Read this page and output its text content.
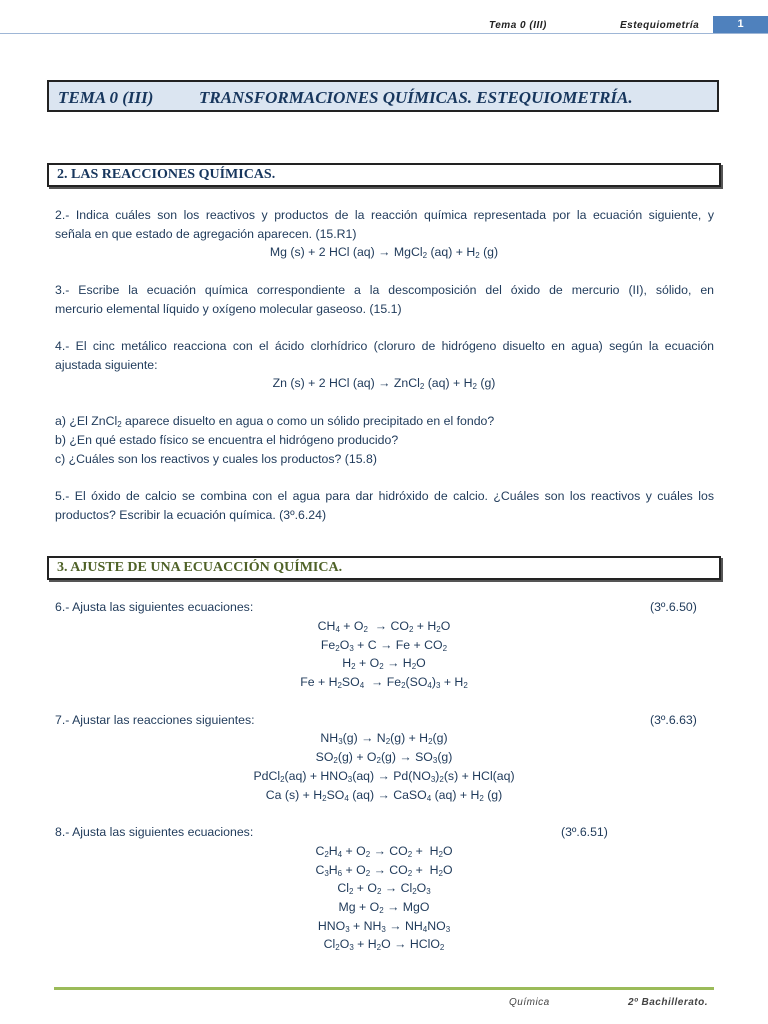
Tema 0 (III)	Estequiometría	1
TEMA 0 (III)	TRANSFORMACIONES QUÍMICAS. ESTEQUIOMETRÍA.
2. LAS REACCIONES QUÍMICAS.
2.- Indica cuáles son los reactivos y productos de la reacción química representada por la ecuación siguiente, y
señala en que estado de agregación aparecen. (15.R1)
Mg (s) + 2 HCl (aq) → MgCl$_2$ $(aq) + H_2$ (g)
3.- Escribe la ecuación química correspondiente a la descomposición del óxido de mercurio (II), sólido, en
mercurio elemental líquido y oxígeno molecular gaseoso. (15.1)
4.- El cinc metálico reacciona con el ácido clorhídrico (cloruro de hidrógeno disuelto en agua) según la ecuación
ajustada siguiente:
Zn (s) + 2 HCl (aq) → ZnCl$_2$ $(aq) + H_2$ (g)
a) ¿El ZnCl$_2$ aparece disuelto en agua o como un sólido precipitado en el fondo?
b) ¿En qué estado físico se encuentra el hidrógeno producido?
c) ¿Cuáles son los reactivos y cuales los productos? (15.8)
5.- El óxido de calcio se combina con el agua para dar hidróxido de calcio. ¿Cuáles son los reactivos y cuáles los
productos? Escribir la ecuación química. (3º.6.24)
3. AJUSTE DE UNA ECUACCIÓN QUÍMICA.
6.- Ajusta las siguientes ecuaciones:	(3º.6.50)
$CH_4 + O_2 \to CO_2 + H_2O$
$Fe_2O_3 + C \to Fe + CO_2$
$H_2 + O_2 \to H_2O$
$Fe + H_2SO_4 \to Fe_2(SO_4)_3 + H_2$
7.- Ajustar las reacciones siguientes:	(3º.6.63)
$NH_3(g) \to N_2(g) + H_2(g)$
$SO_2(g) + O_2(g) \to SO_3(g)$
PdCl$_2$(aq) + $HNO_3(aq) \to Pd(NO_3)_2(s) + HCl(aq)$
Ca $(s) + H_2SO_4$ (aq) → CaSO$_4$ $(aq) + H_2$ (g)
8.- Ajusta las siguientes ecuaciones:	(3º.6.51)
$C_2H_4 + O_2 \to CO_2 + H_2O$
$C_3H_6 + O_2 \to CO_2 + H_2O$
$Cl_2 + O_2 \to Cl_2O_3$
$Mg + O_2$ → MgO
$HNO_3 + NH_3 \to NH_4NO_3$
$Cl_2O_3 + H_2O$ → HClO$_2$
Química	2º Bachillerato.
